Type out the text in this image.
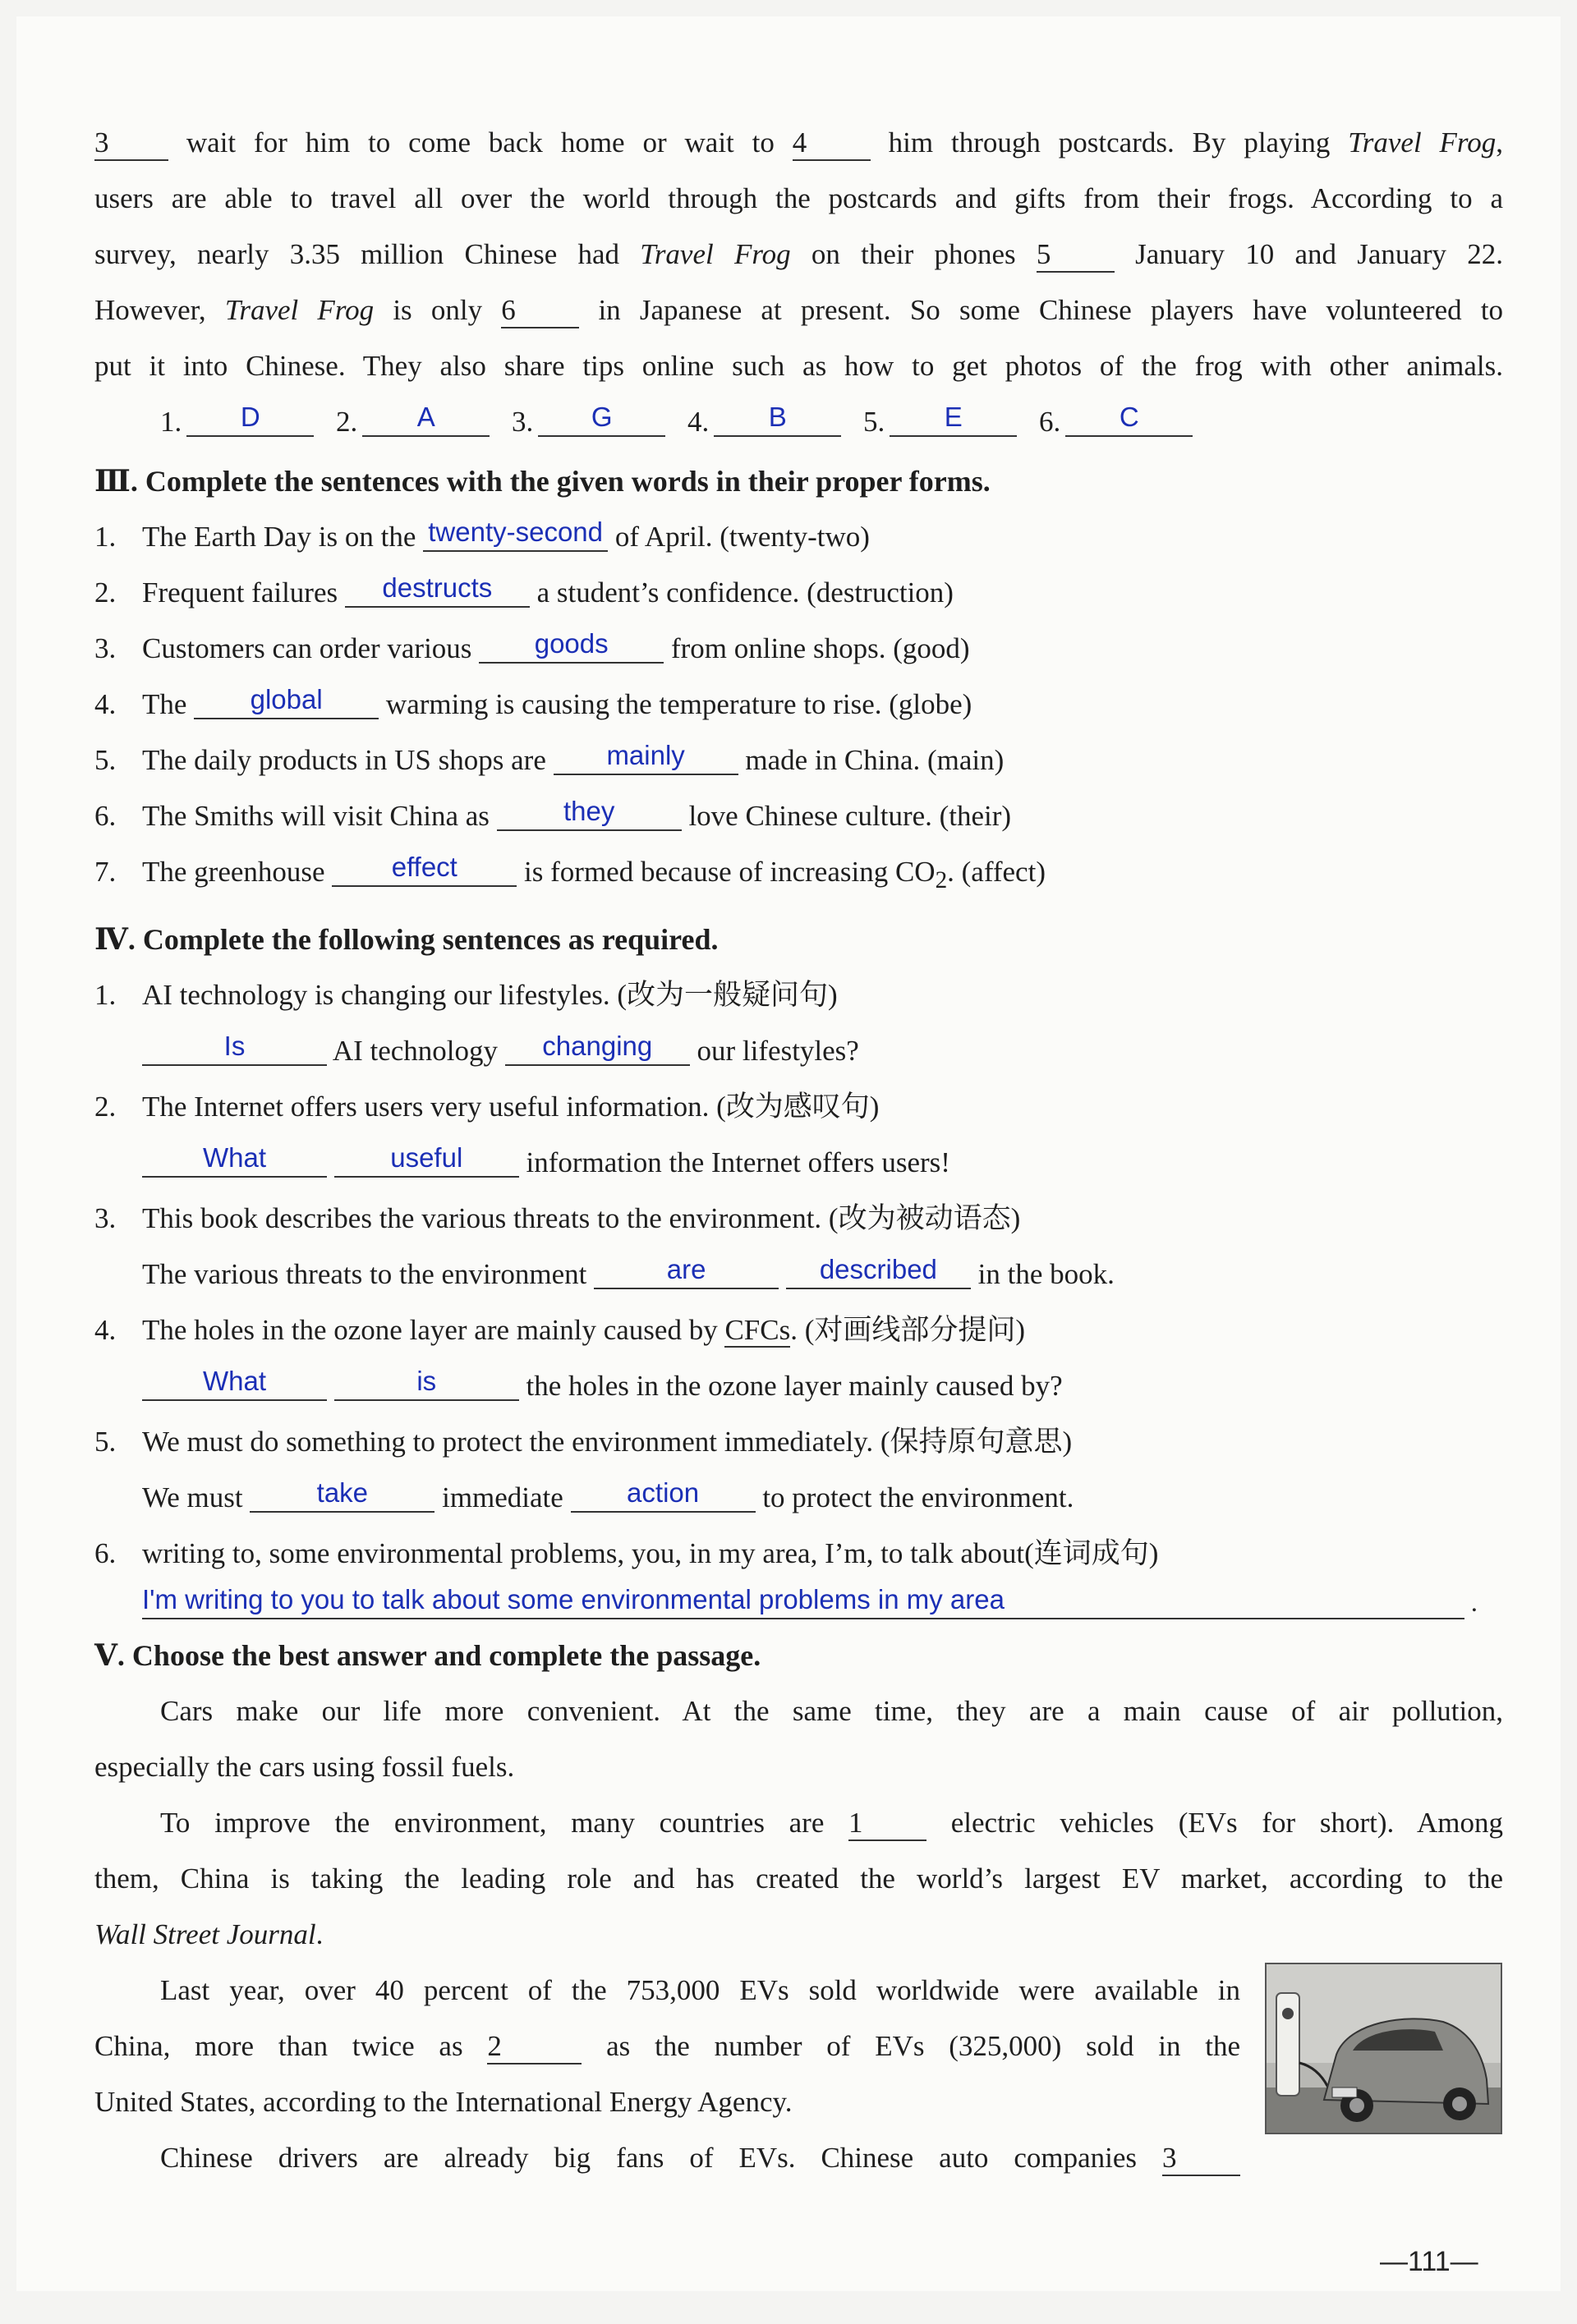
3	wait for him to come back home or wait to 4	him through postcards. By playing Travel Frog,
users are able to travel all over the world through the postcards and gifts from their frogs. According to a
survey, nearly 3.35 million Chinese had Travel Frog on their phones 5	January 10 and January 22.
However, Travel Frog is only 6	in Japanese at present. So some Chinese players have volunteered to
put it into Chinese. They also share tips online such as how to get photos of the frog with other animals.
1. D	2. A	3. G	4. B	5. E	6. C
Ⅲ. Complete the sentences with the given words in their proper forms.
1. The Earth Day is on the twenty-second of April. (twenty-two)
2. Frequent failures destructs a student’s confidence. (destruction)
3. Customers can order various goods from online shops. (good)
4. The global warming is causing the temperature to rise. (globe)
5. The daily products in US shops are mainly made in China. (main)
6. The Smiths will visit China as	they	love Chinese culture. (their)
7. The greenhouse effect is formed because of increasing $CO_2$. (affect)
Ⅳ. Complete the following sentences as required.
1. AI technology is changing our lifestyles. (改为一般疑问句)
Is	AI technology changing our lifestyles?
2. The Internet offers users very useful information. (改为感叹句)
What	useful information the Internet offers users!
3. This book describes the various threats to the environment. (改为被动语态)
The various threats to the environment	are	described in the book.
4. The holes in the ozone layer are mainly caused by CFCs. (对画线部分提问)
What	is	the holes in the ozone layer mainly caused by?
5. We must do something to protect the environment immediately. (保持原句意思)
We must	take	immediate action to protect the environment.
6. writing to, some environmental problems, you, in my area, I’m, to talk about(连词成句)
I'm writing to you to talk about some environmental problems in my area	.
Ⅴ. Choose the best answer and complete the passage.
Cars make our life more convenient. At the same time, they are a main cause of air pollution,
especially the cars using fossil fuels.
To improve the environment, many countries are 1	electric vehicles (EVs for short). Among
them, China is taking the leading role and has created the world’s largest EV market, according to the
Wall Street Journal.
Last year, over 40 percent of the 753,000 EVs sold worldwide were available in
China, more than twice as 2	as the number of EVs (325,000) sold in the
United States, according to the International Energy Agency.
Chinese drivers are already big fans of EVs. Chinese auto companies 3
—111—
